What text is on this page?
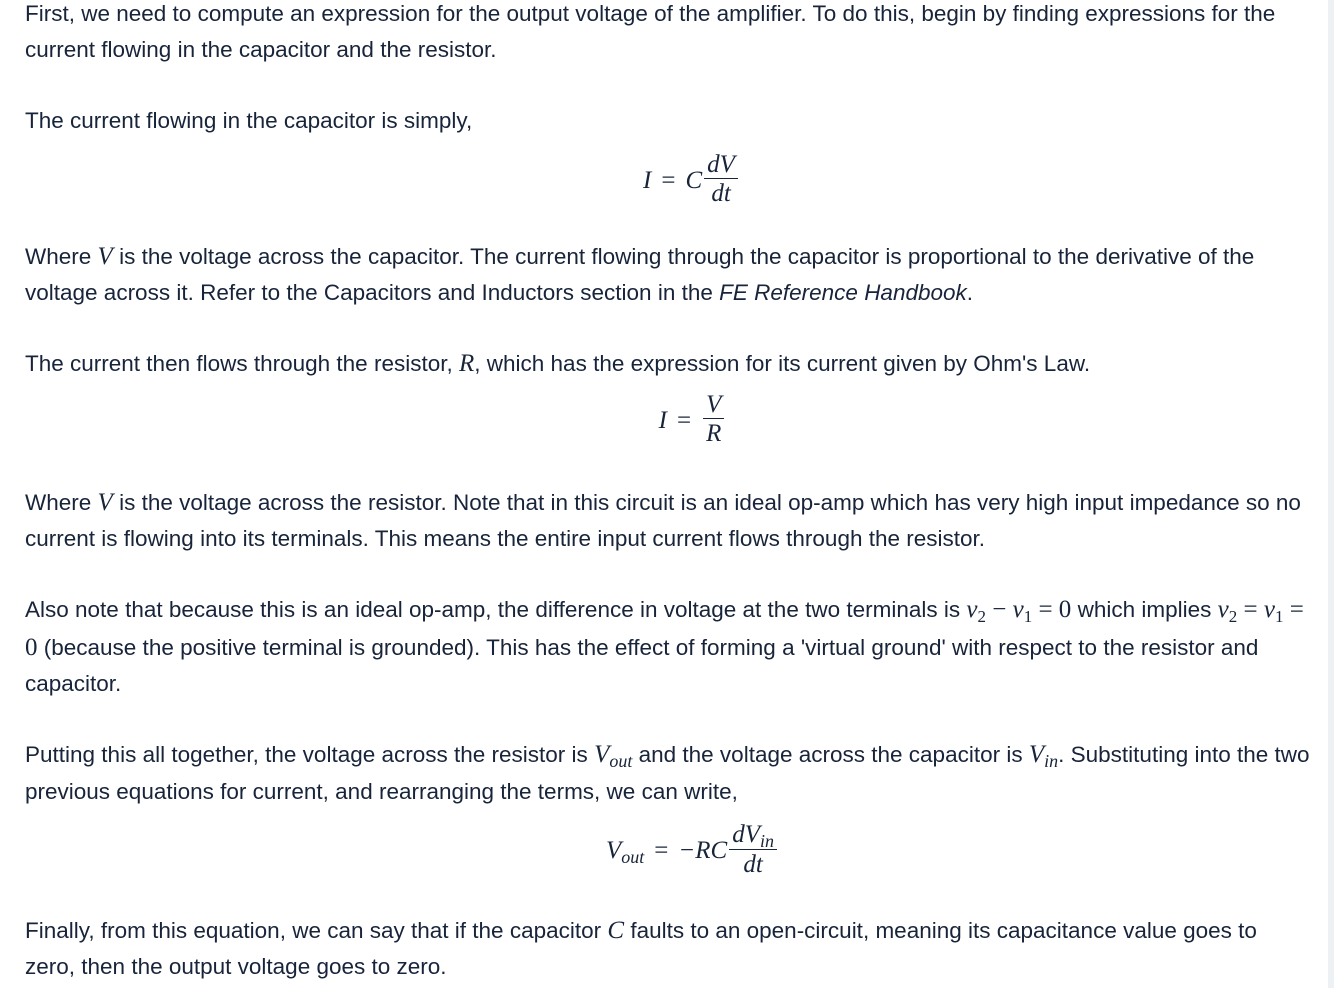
First, we need to compute an expression for the output voltage of the amplifier. To do this, begin by finding expressions for the current flowing in the capacitor and the resistor.

The current flowing in the capacitor is simply,

I = C $\frac{dV}{dt}$

Where V is the voltage across the capacitor. The current flowing through the capacitor is proportional to the derivative of the voltage across it. Refer to the Capacitors and Inductors section in the FE Reference Handbook.

The current then flows through the resistor, R, which has the expression for its current given by Ohm's Law.

$I = \frac{V}{R}$

Where V is the voltage across the resistor. Note that in this circuit is an ideal op-amp which has very high input impedance so no current is flowing into its terminals. This means the entire input current flows through the resistor.

Also note that because this is an ideal op-amp, the difference in voltage at the two terminals is $v_2 - v_1 = 0$ which implies $v_2 = v_1 = 0$ (because the positive terminal is grounded). This has the effect of forming a 'virtual ground' with respect to the resistor and capacitor.

Putting this all together, the voltage across the resistor is $V_{out}$ and the voltage across the capacitor is $V_{in}$. Substituting into the two previous equations for current, and rearranging the terms, we can write,

$V_{out} = -RC \frac{dV_{in}}{dt}$

Finally, from this equation, we can say that if the capacitor C faults to an open-circuit, meaning its capacitance value goes to zero, then the output voltage goes to zero.
